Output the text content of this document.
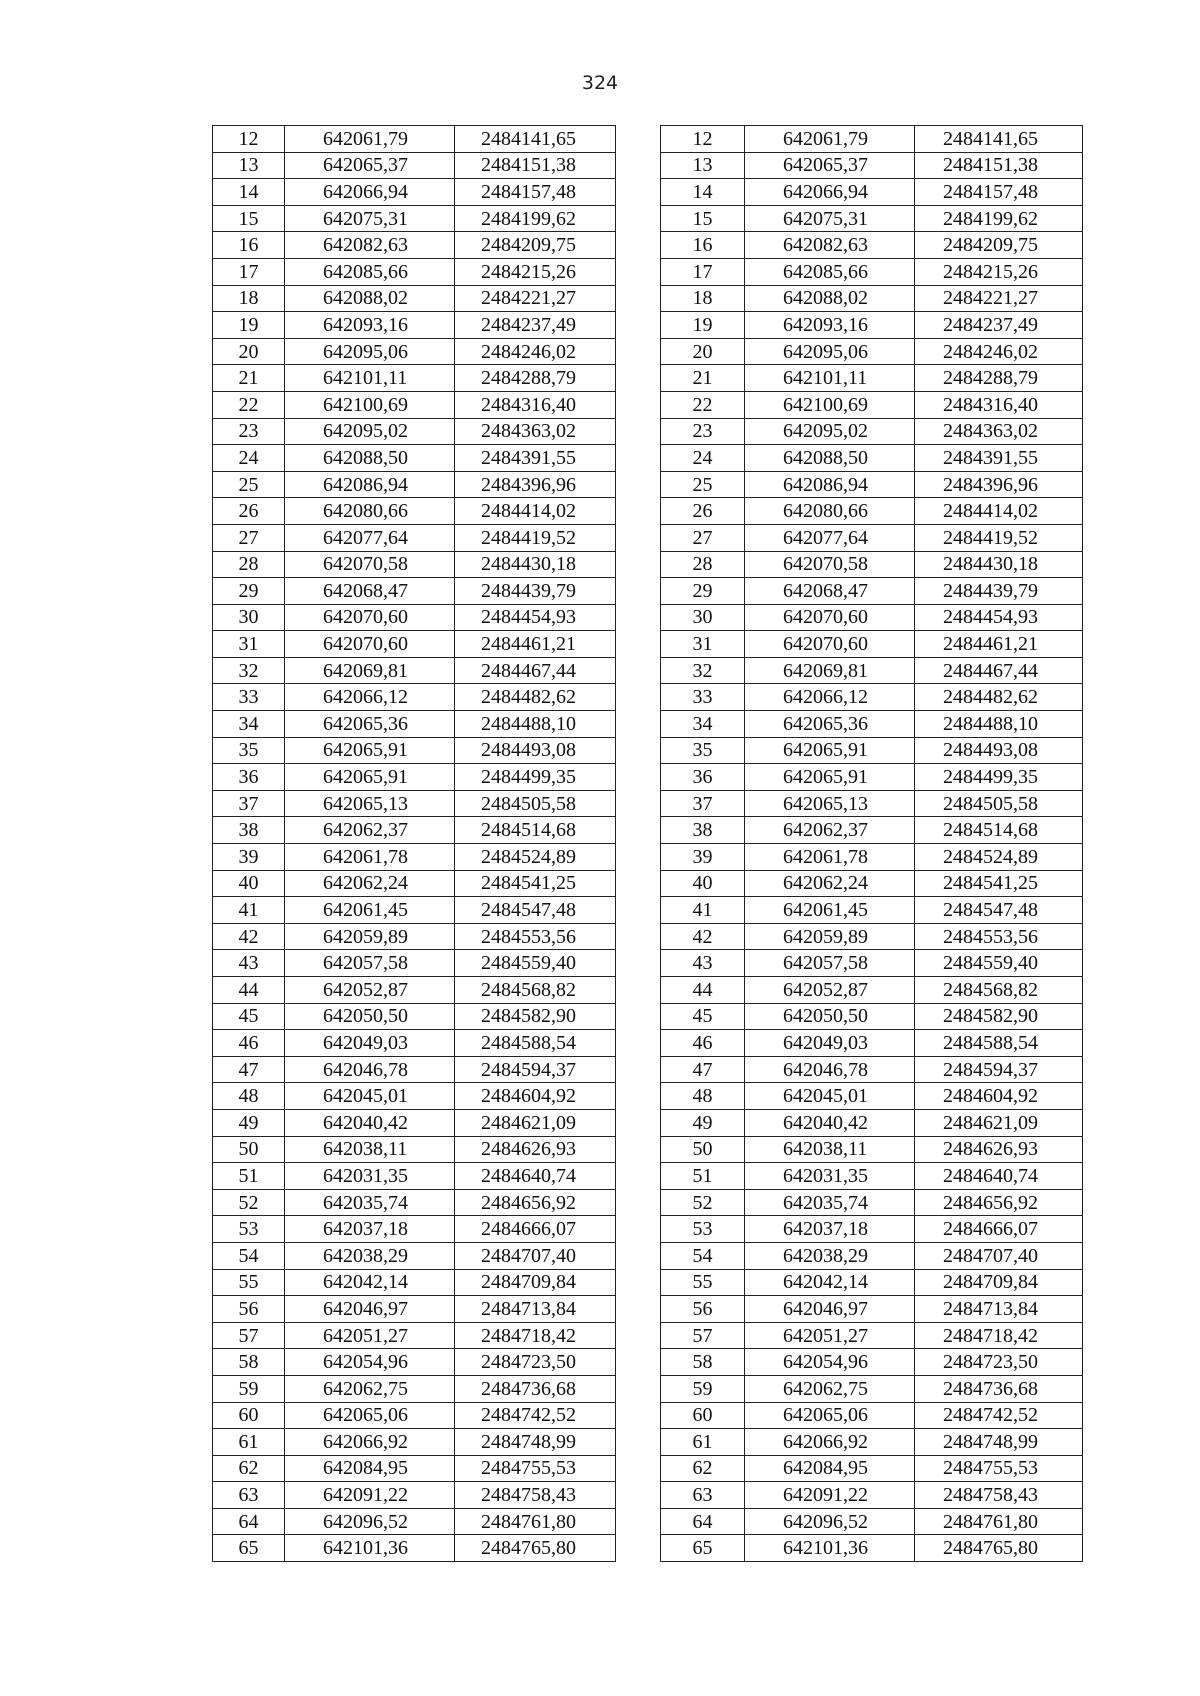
324
12	642061,79	2484141,65		12	642061,79	2484141,65
13	642065,37	2484151,38		13	642065,37	2484151,38
14	642066,94	2484157,48		14	642066,94	2484157,48
15	642075,31	2484199,62		15	642075,31	2484199,62
16	642082,63	2484209,75		16	642082,63	2484209,75
17	642085,66	2484215,26		17	642085,66	2484215,26
18	642088,02	2484221,27		18	642088,02	2484221,27
19	642093,16	2484237,49		19	642093,16	2484237,49
20	642095,06	2484246,02		20	642095,06	2484246,02
21	642101,11	2484288,79		21	642101,11	2484288,79
22	642100,69	2484316,40		22	642100,69	2484316,40
23	642095,02	2484363,02		23	642095,02	2484363,02
24	642088,50	2484391,55		24	642088,50	2484391,55
25	642086,94	2484396,96		25	642086,94	2484396,96
26	642080,66	2484414,02		26	642080,66	2484414,02
27	642077,64	2484419,52		27	642077,64	2484419,52
28	642070,58	2484430,18		28	642070,58	2484430,18
29	642068,47	2484439,79		29	642068,47	2484439,79
30	642070,60	2484454,93		30	642070,60	2484454,93
31	642070,60	2484461,21		31	642070,60	2484461,21
32	642069,81	2484467,44		32	642069,81	2484467,44
33	642066,12	2484482,62		33	642066,12	2484482,62
34	642065,36	2484488,10		34	642065,36	2484488,10
35	642065,91	2484493,08		35	642065,91	2484493,08
36	642065,91	2484499,35		36	642065,91	2484499,35
37	642065,13	2484505,58		37	642065,13	2484505,58
38	642062,37	2484514,68		38	642062,37	2484514,68
39	642061,78	2484524,89		39	642061,78	2484524,89
40	642062,24	2484541,25		40	642062,24	2484541,25
41	642061,45	2484547,48		41	642061,45	2484547,48
42	642059,89	2484553,56		42	642059,89	2484553,56
43	642057,58	2484559,40		43	642057,58	2484559,40
44	642052,87	2484568,82		44	642052,87	2484568,82
45	642050,50	2484582,90		45	642050,50	2484582,90
46	642049,03	2484588,54		46	642049,03	2484588,54
47	642046,78	2484594,37		47	642046,78	2484594,37
48	642045,01	2484604,92		48	642045,01	2484604,92
49	642040,42	2484621,09		49	642040,42	2484621,09
50	642038,11	2484626,93		50	642038,11	2484626,93
51	642031,35	2484640,74		51	642031,35	2484640,74
52	642035,74	2484656,92		52	642035,74	2484656,92
53	642037,18	2484666,07		53	642037,18	2484666,07
54	642038,29	2484707,40		54	642038,29	2484707,40
55	642042,14	2484709,84		55	642042,14	2484709,84
56	642046,97	2484713,84		56	642046,97	2484713,84
57	642051,27	2484718,42		57	642051,27	2484718,42
58	642054,96	2484723,50		58	642054,96	2484723,50
59	642062,75	2484736,68		59	642062,75	2484736,68
60	642065,06	2484742,52		60	642065,06	2484742,52
61	642066,92	2484748,99		61	642066,92	2484748,99
62	642084,95	2484755,53		62	642084,95	2484755,53
63	642091,22	2484758,43		63	642091,22	2484758,43
64	642096,52	2484761,80		64	642096,52	2484761,80
65	642101,36	2484765,80		65	642101,36	2484765,80
